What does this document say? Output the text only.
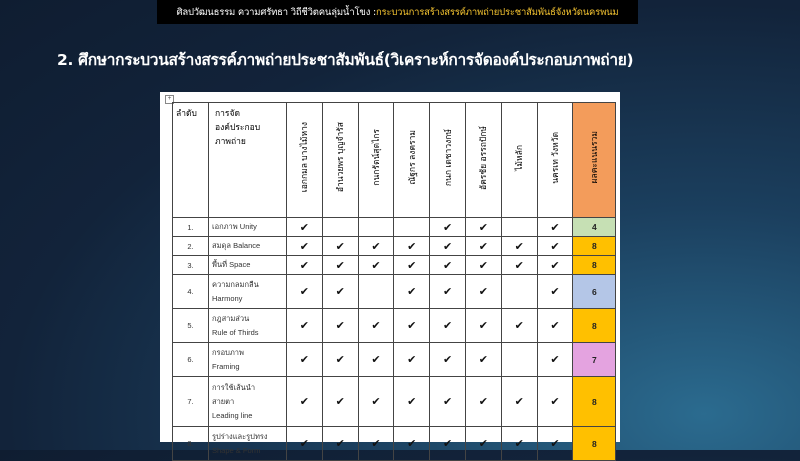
ศิลปวัฒนธรรม ความศรัทธา วิถีชีวิตคนลุ่มน้ำโขง : กระบวนการสร้างสรรค์ภาพถ่ายประชาสัมพันธ์จังหวัดนครพนม
2. ศึกษากระบวนสร้างสรรค์ภาพถ่ายประชาสัมพันธ์(วิเคราะห์การจัดองค์ประกอบภาพถ่าย)
+
ลำดับ	การจัด
องค์ประกอบ
ภาพถ่าย	เอกกมล บางไม้หาง	อำนวยพร บุญจำรัส	กนกรัตน์สุตไกร	ณัฐกร ลงคราม	กนก เดชาวงกษ์	อัครชัย อรรถปักษ์	ไม้หลัก	นครเท วังหวัด	ผลคะแนนรวม
1.	เอกภาพ Unity	✔				✔	✔		✔	4
2.	สมดุล Balance	✔	✔	✔	✔	✔	✔	✔	✔	8
3.	พื้นที่ Space	✔	✔	✔	✔	✔	✔	✔	✔	8
4.	ความกลมกลืน
Harmony	✔	✔		✔	✔	✔		✔	6
5.	กฎสามส่วน
Rule of Thirds	✔	✔	✔	✔	✔	✔	✔	✔	8
6.	กรอบภาพ
Framing	✔	✔	✔	✔	✔	✔		✔	7
7.	การใช้เส้นนำ
สายตา
Leading line	✔	✔	✔	✔	✔	✔	✔	✔	8
8.	รูปร่างและรูปทรง
Shape & Form	✔	✔	✔	✔	✔	✔	✔	✔	8
